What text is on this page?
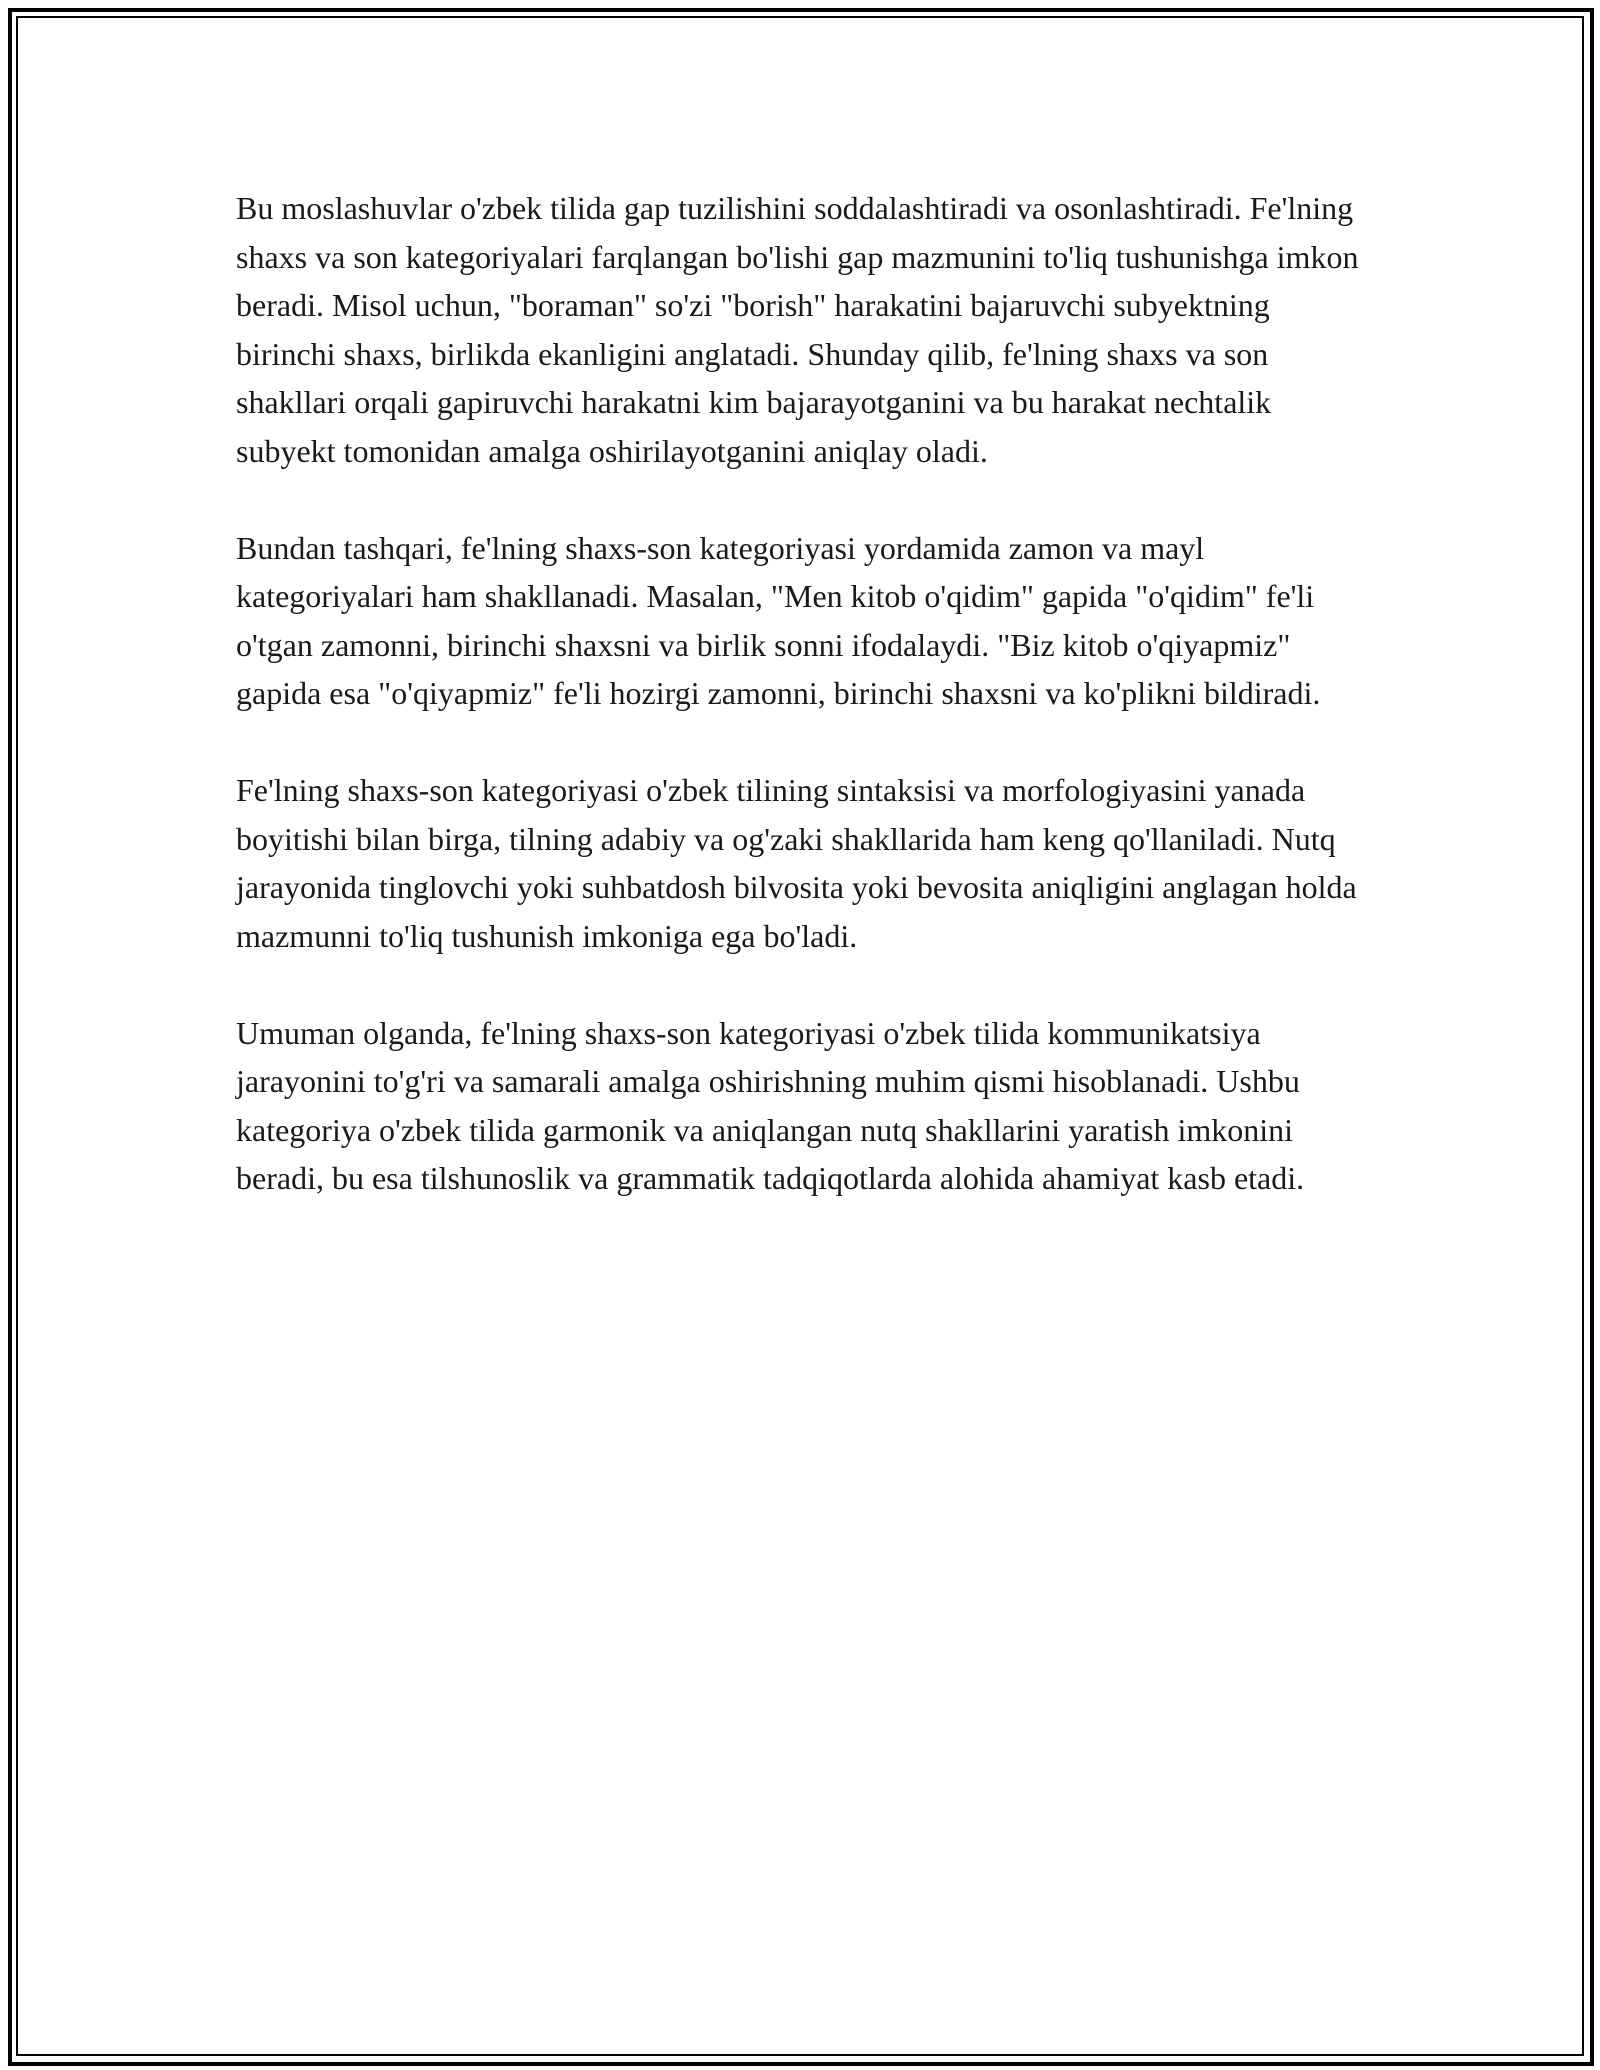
Bu moslashuvlar o'zbek tilida gap tuzilishini soddalashtiradi va osonlashtiradi. Fe'lning shaxs va son kategoriyalari farqlangan bo'lishi gap mazmunini to'liq tushunishga imkon beradi. Misol uchun, "boraman" so'zi "borish" harakatini bajaruvchi subyektning birinchi shaxs, birlikda ekanligini anglatadi. Shunday qilib, fe'lning shaxs va son shakllari orqali gapiruvchi harakatni kim bajarayotganini va bu harakat nechtalik subyekt tomonidan amalga oshirilayotganini aniqlay oladi.

Bundan tashqari, fe'lning shaxs-son kategoriyasi yordamida zamon va mayl kategoriyalari ham shakllanadi. Masalan, "Men kitob o'qidim" gapida "o'qidim" fe'li o'tgan zamonni, birinchi shaxsni va birlik sonni ifodalaydi. "Biz kitob o'qiyapmiz" gapida esa "o'qiyapmiz" fe'li hozirgi zamonni, birinchi shaxsni va ko'plikni bildiradi.

Fe'lning shaxs-son kategoriyasi o'zbek tilining sintaksisi va morfologiyasini yanada boyitishi bilan birga, tilning adabiy va og'zaki shakllarida ham keng qo'llaniladi. Nutq jarayonida tinglovchi yoki suhbatdosh bilvosita yoki bevosita aniqligini anglagan holda mazmunni to'liq tushunish imkoniga ega bo'ladi.

Umuman olganda, fe'lning shaxs-son kategoriyasi o'zbek tilida kommunikatsiya jarayonini to'g'ri va samarali amalga oshirishning muhim qismi hisoblanadi. Ushbu kategoriya o'zbek tilida garmonik va aniqlangan nutq shakllarini yaratish imkonini beradi, bu esa tilshunoslik va grammatik tadqiqotlarda alohida ahamiyat kasb etadi.
